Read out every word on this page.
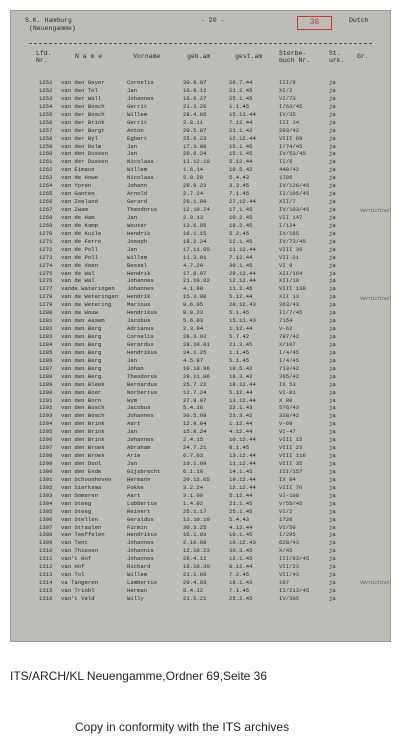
S.K. Hamburg
(Neuengamme)
- 20 -	36	Dutch
Lfd.
Nr.
N a m e	Vorname	geb.am	gest.am	Sterbe-
buch Nr.
St.
urk.
Gr.
1251	van den Geyer	Cornelis	30.9.97	26.7.44	III/6	ja
1252	van den Tol	Jan	10.9.12	21.2.45	XI/2	ja
1253	van der Wall	Johannes	16.6.27	25.1.45	VI/73	ja
1254	van den Bosch	Gerrit	21.3.26	1.1.45	I/63/45	ja
1255	van der Bosch	Willem	28.4.05	15.11.44	IV/35	ja
1256	van der Brink	Gerrit	2.8.11	7.12.44	III 14	ja
1257	van der Burgt	Anton	20.5.87	21.1.42	203/42	ja
1258	van der Byl	Egbert	25.6.23	12.12.44	VIII 69	ja
1259	van den Dolm	Jan	17.3.08	15.1.45	I/74/45	ja
1260	van den Dussen	Jan	20.9.24	15.1.45	IV/53/45	ja
1261	van der Dussen	Nicolaas	11.12.19	5.12.44	II/6	ja
1262	van Eimaun	Willem	1.6.14	19.5.42	448/42	ja
1263	van de Howe	Nicolaas	5.9.20	5.4.43	1786	ja
1264	van Ypren	Johann	29.9.23	3.3.45	IV/126/45	ja
1265	van Ganten	Arnold	2.7.24	7.1.45	II/105/45	ja
1266	van Zeeland	Gerard	26.1.00	27.12.44	XII/7	ja
1267	van Zwam	Theodorus	12.10.24	17.1.45	IV/103/45	ja
1268	van de Ham	Jan	2.9.13	10.2.45	VII 147	ja
1269	van de Kamp	Wouter	13.6.05	18.2.45	I/124	ja
1270	van de Kuile	Hendrik	16.1.15	5.2.45	IX/165	ja
1271	van de Ferre	Joseph	18.2.24	12.1.45	IV/73/45	ja
1272	van de Poll	Jan	17.11.05	11.12.44	VIII 39	ja
1273	van de Poll	Willem	11.3.01	7.12.44	VII-21	ja
1274	van de Veen	Bessel	4.7.20	30.1.45	VI 9	ja
1275	van de Wal	Hendrik	17.8.97	29.12.44	XII/164	ja
1276	van de Wal	Johannes	21.10.02	12.12.44	XII/18	ja
1277	vande Wateringen	Johannes	4.1.98	11.2.45	VIII 138	ja
1278	van de Weteringen	Hendrik	15.3.08	5.12.44	XII 13	ja
1279	van de Wetering	Marinus	8.6.05	20.12.43	363/43	ja
1280	van de Wouw	Hendrikus	8.9.23	5.1.45	II/7/45	ja
1281	van den Aasem	Jacobus	5.6.03	15.11.43	7154	ja
1282	van den Berg	Adrianus	2.3.94	1.12.44	V-62	ja
1283	van den Berg	Cornelis	28.3.03	5.7.42	787/42	ja
1284	van den Berg	Gerardus	28.10.01	21.3.45	X/107	ja
1285	van den Berg	Hendrikus	24.1.25	1.1.45	I/4/45	ja
1286	van den Berg	Jan	4.5.97	5.1.45	I/4/45	ja
1287	van den Berg	Johan	10.10.96	10.5.42	713/42	ja
1288	van den Berg	Theodorus	29.11.06	16.3.42	365/42	ja
1289	van den Bleek	Bernardus	25.7.22	18.12.44	IX 53	ja
1290	van den Boer	Norbertus	12.7.24	5.12.44	VI-81	ja
1291	van den Born	Wym	27.9.07	13.12.44	X 80	ja
1292	van den Bosch	Jacobus	5.4.16	22.1.43	576/43	ja
1293	van den Bosch	Johannes	30.5.09	23.3.42	338/42	ja
1294	van den Brink	Aart	12.9.04	1.12.44	V-69	ja
1295	van den Brink	Jan	15.8.24	4.12.44	VI-47	ja
1296	van den Brink	Johannes	2.4.15	10.12.44	VIII 15	ja
1297	van den Broek	Abraham	24.7.21	8.1.45	VIII 23	ja
1298	van den Broek	Arie	6.7.03	13.12.44	VIII 116	ja
1299	van den Dool	Jan	10.1.09	11.12.44	VIII 35	ja
1300	van den Ende	Gijsbrecht	6.1.10	14.1.45	III/157	ja
1301	van Schoonhoven	Hermann	20.12.05	19.12.44	IX 84	ja
1302	van Sierksma	Fokke	3.2.24	12.12.44	VIII 70	ja
1303	van Someren	Aart	3.1.00	5.12.44	VI-108	ja
1304	van Steeg	Lubbertus	1.4.02	21.1.45	V/55/45	ja
1305	van Steeg	Reinert	25.1.17	25.1.45	VI/2	ja
1306	van Stellen	Geraldus	13.10.10	5.4.43	1726	ja
1307	van Straalen	Firmin	30.3.25	4.12.44	VI/50	ja
1308	van Teeffelen	Hendrikus	16.1.03	10.1.45	I/295	ja
1309	van Tent	Johannes	2.10.08	10.12.43	628/43	ja
1310	van Thiesen	Johannis	12.10.23	30.3.45	X/45	ja
1311	van't Hof	Johannes	26.4.12	12.1.45	III/83/45	ja
1312	van Hof	Richard	16.10.30	8.12.44	VII/23	ja
1313	van Tol	Willem	21.1.06	7.2.45	VII/43	ja
1314	va Tangeren	Lambertus	20.4.03	18.1.43	197	ja
1315	van Triobl	Herman	8.4.12	7.1.45	II/213/45	ja
1316	van't Veld	Willy	21.5.21	25.2.45	IV/305	ja
Vernichtet
Vernichtet
Vernichtet
ITS/ARCH/KL Neuengamme,Ordner 69,Seite 36
Copy in conformity with the ITS archives
